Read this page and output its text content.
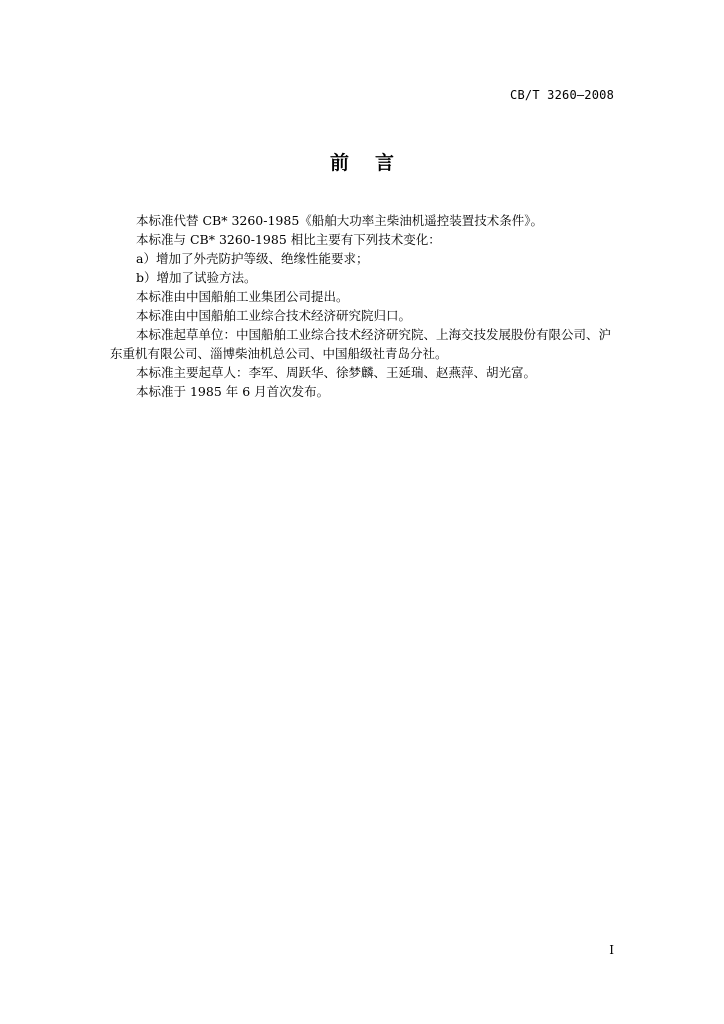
CB/T 3260—2008
前 言

本标准代替 CB* 3260-1985《船舶大功率主柴油机遥控装置技术条件》。

本标准与 CB* 3260-1985 相比主要有下列技术变化：

a）增加了外壳防护等级、绝缘性能要求；

b）增加了试验方法。

本标准由中国船舶工业集团公司提出。

本标准由中国船舶工业综合技术经济研究院归口。

本标准起草单位：中国船舶工业综合技术经济研究院、上海交技发展股份有限公司、沪

东重机有限公司、淄博柴油机总公司、中国船级社青岛分社。

本标准主要起草人：李军、周跃华、徐梦麟、王延瑞、赵燕萍、胡光富。

本标准于 1985 年 6 月首次发布。

I
